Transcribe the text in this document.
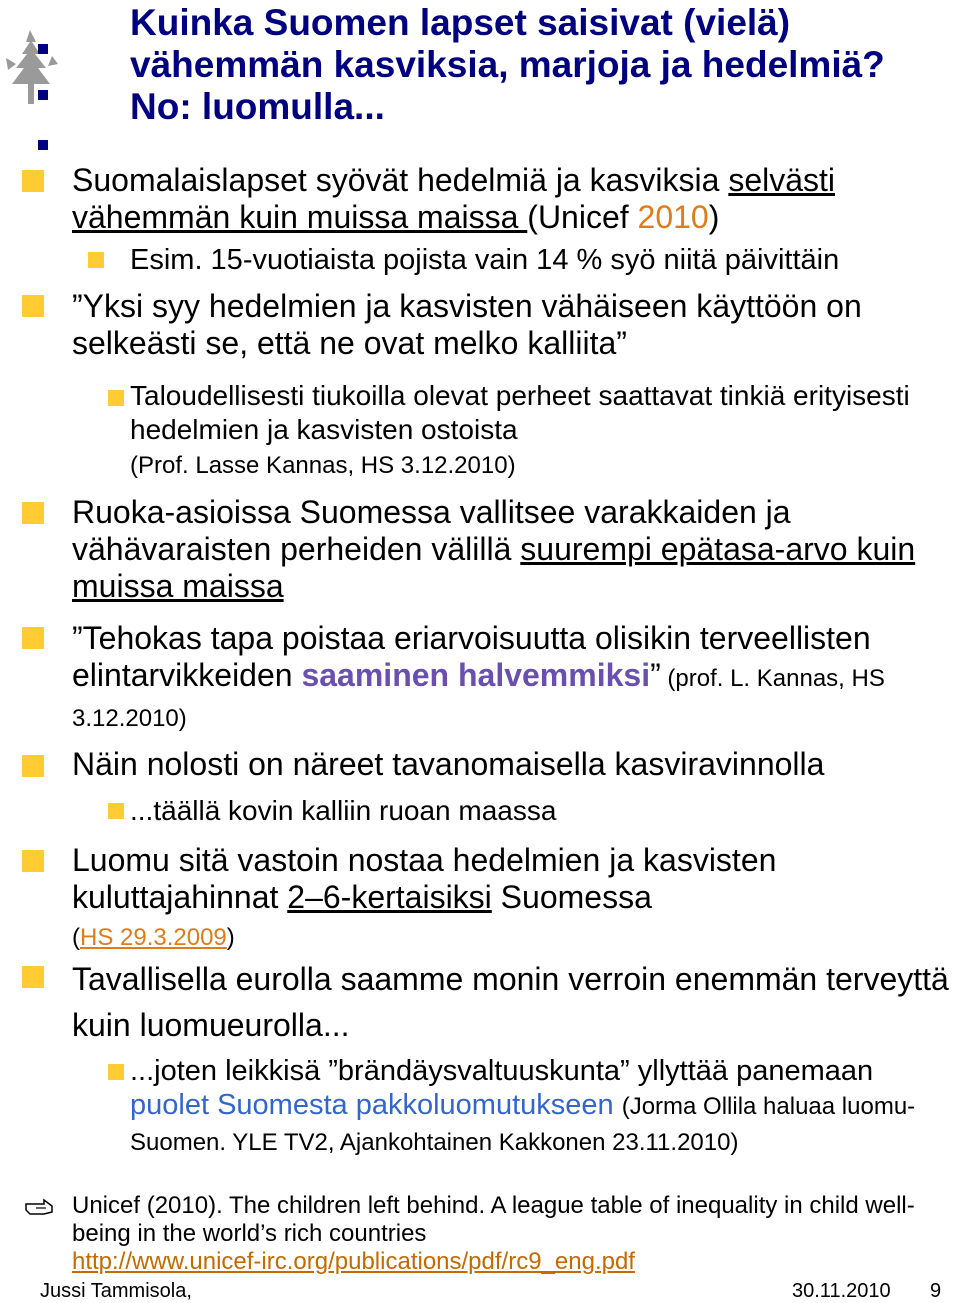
Kuinka Suomen lapset saisivat (vielä) vähemmän kasviksia, marjoja ja hedelmiä? No: luomulla...
Suomalaislapset syövät hedelmiä ja kasviksia selvästi vähemmän kuin muissa maissa (Unicef 2010)
Esim. 15-vuotiaista pojista vain 14 % syö niitä päivittäin
”Yksi syy hedelmien ja kasvisten vähäiseen käyttöön on selkeästi se, että ne ovat melko kalliita”
Taloudellisesti tiukoilla olevat perheet saattavat tinkiä erityisesti hedelmien ja kasvisten ostoista
(Prof. Lasse Kannas, HS 3.12.2010)
Ruoka-asioissa Suomessa vallitsee varakkaiden ja vähävaraisten perheiden välillä suurempi epätasa-arvo kuin muissa maissa
”Tehokas tapa poistaa eriarvoisuutta olisikin terveellisten elintarvikkeiden saaminen halvemmiksi” (prof. L. Kannas, HS 3.12.2010)
Näin nolosti on näreet tavanomaisella kasviravinnolla
...täällä kovin kalliin ruoan maassa
Luomu sitä vastoin nostaa hedelmien ja kasvisten kuluttajahinnat 2–6-kertaisiksi Suomessa
(HS 29.3.2009)
Tavallisella eurolla saamme monin verroin enemmän terveyttä kuin luomueurolla...
...joten leikkisä ”brändäysvaltuuskunta” yllyttää panemaan puolet Suomesta pakkoluomutukseen (Jorma Ollila haluaa luomu-Suomen. YLE TV2, Ajankohtainen Kakkonen 23.11.2010)
Unicef (2010). The children left behind. A league table of inequality in child well-being in the world’s rich countries
http://www.unicef-irc.org/publications/pdf/rc9_eng.pdf
Jussi Tammisola,	30.11.2010 9
